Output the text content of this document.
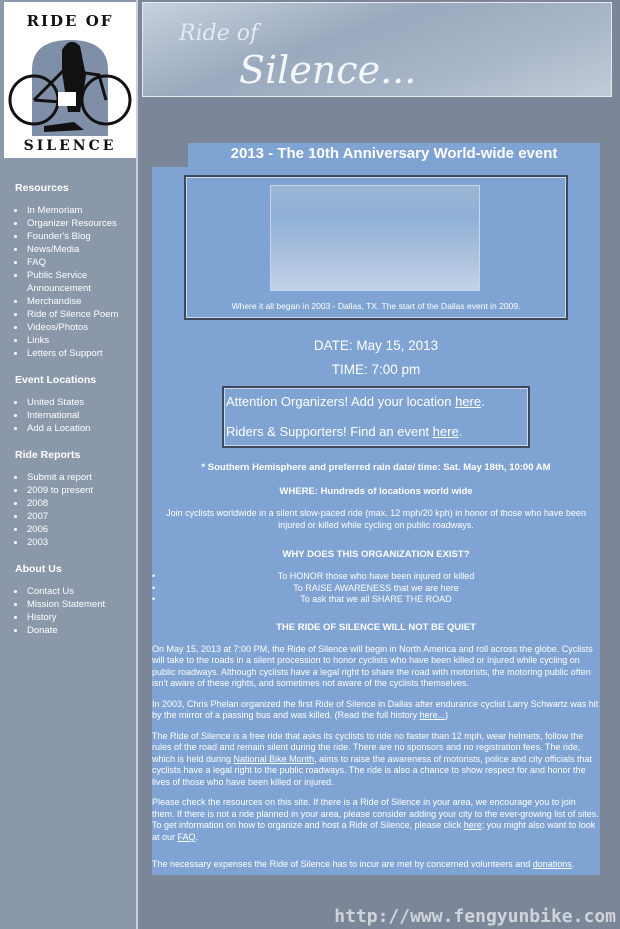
RIDE OF
SILENCE
Resources
In Memoriam
Organizer Resources
Founder's Blog
News/Media
FAQ
Public Service Announcement
Merchandise
Ride of Silence Poem
Videos/Photos
Links
Letters of Support
Event Locations
United States
International
Add a Location
Ride Reports
Submit a report
2009 to present
2008
2007
2006
2003
About Us
Contact Us
Mission Statement
History
Donate
Ride of
Silence...
2013 - The 10th Anniversary World-wide event
Where it all began in 2003 - Dallas, TX. The start of the Dallas event in 2009.
DATE: May 15, 2013
TIME: 7:00 pm
Attention Organizers! Add your location here.
Riders & Supporters! Find an event here.
* Southern Hemisphere and preferred rain date/ time: Sat. May 18th, 10:00 AM
WHERE: Hundreds of locations world wide
Join cyclists worldwide in a silent slow-paced ride (max. 12 mph/20 kph) in honor of those who have been injured or killed while cycling on public roadways.
WHY DOES THIS ORGANIZATION EXIST?
•	To HONOR those who have been injured or killed
•	To RAISE AWARENESS that we are here
•	To ask that we all SHARE THE ROAD
THE RIDE OF SILENCE WILL NOT BE QUIET

On May 15, 2013 at 7:00 PM, the Ride of Silence will begin in North America and roll across the globe. Cyclists will take to the roads in a silent procession to honor cyclists who have been killed or injured while cycling on public roadways. Although cyclists have a legal right to share the road with motorists, the motoring public often isn't aware of these rights, and sometimes not aware of the cyclists themselves.

In 2003, Chris Phelan organized the first Ride of Silence in Dallas after endurance cyclist Larry Schwartz was hit by the mirror of a passing bus and was killed. (Read the full history here...)

The Ride of Silence is a free ride that asks its cyclists to ride no faster than 12 mph, wear helmets, follow the rules of the road and remain silent during the ride. There are no sponsors and no registration fees. The ride, which is held during National Bike Month, aims to raise the awareness of motorists, police and city officials that cyclists have a legal right to the public roadways. The ride is also a chance to show respect for and honor the lives of those who have been killed or injured.

Please check the resources on this site. If there is a Ride of Silence in your area, we encourage you to join them. If there is not a ride planned in your area, please consider adding your city to the ever-growing list of sites. To get information on how to organize and host a Ride of Silence, please click here; you might also want to look at our FAQ.

The necessary expenses the Ride of Silence has to incur are met by concerned volunteers and donations.

http://www.fengyunbike.com
